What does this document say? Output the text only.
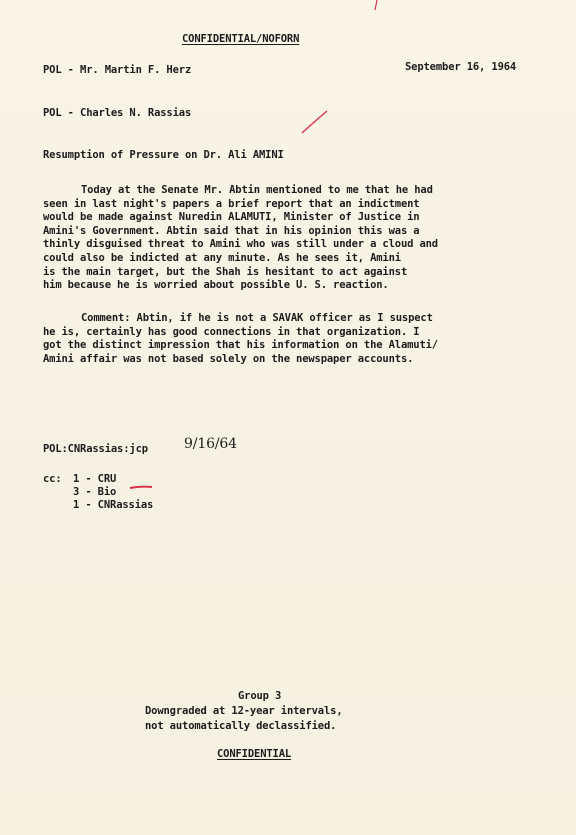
CONFIDENTIAL/NOFORN
POL - Mr. Martin F. Herz	September 16, 1964
POL - Charles N. Rassias
Resumption of Pressure on Dr. Ali AMINI
Today at the Senate Mr. Abtin mentioned to me that he had
seen in last night's papers a brief report that an indictment
would be made against Nuredin ALAMUTI, Minister of Justice in
Amini's Government. Abtin said that in his opinion this was a
thinly disguised threat to Amini who was still under a cloud and
could also be indicted at any minute. As he sees it, Amini
is the main target, but the Shah is hesitant to act against
him because he is worried about possible U. S. reaction.
Comment: Abtin, if he is not a SAVAK officer as I suspect
he is, certainly has good connections in that organization. I
got the distinct impression that his information on the Alamuti/
Amini affair was not based solely on the newspaper accounts.
POL:CNRassias:jcp	9/16/64
cc: 1 - CRU
3 - Bio
1 - CNRassias
Group 3
Downgraded at 12-year intervals,
not automatically declassified.
CONFIDENTIAL
